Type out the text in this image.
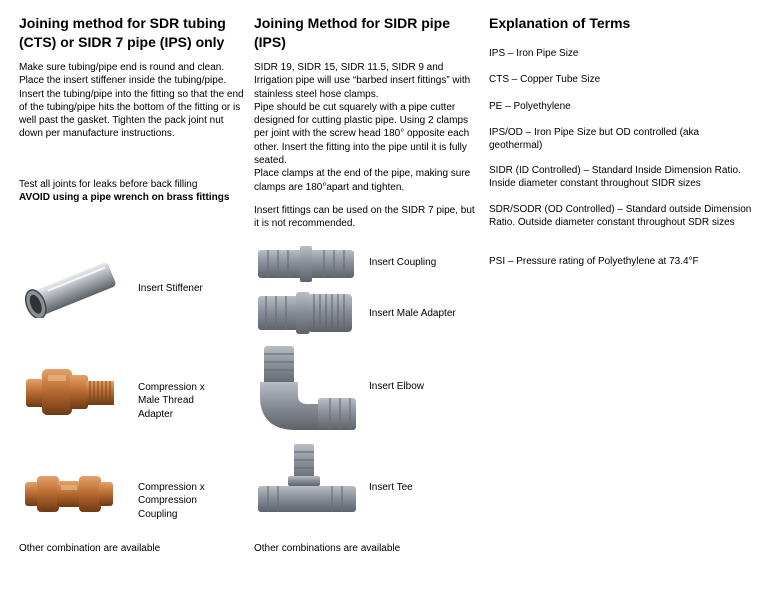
Joining method for SDR tubing (CTS) or SIDR 7 pipe (IPS) only

Make sure tubing/pipe end is round and clean. Place the insert stiffener inside the tubing/pipe.
Insert the tubing/pipe into the fitting so that the end of the tubing/pipe hits the bottom of the fitting or is well past the gasket. Tighten the pack joint nut down per manufacture instructions.

Test all joints for leaks before back filling

AVOID using a pipe wrench on brass fittings

Insert Stiffener
Compression x
Male Thread
Adapter
Compression x
Compression
Coupling
Other combination are available
Joining Method for SIDR pipe (IPS)

SIDR 19, SIDR 15, SIDR 11.5, SIDR 9 and Irrigation pipe will use “barbed insert fittings” with stainless steel hose clamps.
Pipe should be cut squarely with a pipe cutter designed for cutting plastic pipe. Using 2 clamps per joint with the screw head 180° opposite each other. Insert the fitting into the pipe until it is fully seated.
Place clamps at the end of the pipe, making sure clamps are 180°apart and tighten.

Insert fittings can be used on the SIDR 7 pipe, but it is not recommended.

Insert Coupling
Insert Male Adapter
Insert Elbow
Insert Tee
Other combinations are available
Explanation of Terms

IPS – Iron Pipe Size

CTS – Copper Tube Size

PE – Polyethylene

IPS/OD – Iron Pipe Size but OD controlled (aka geothermal)

SIDR (ID Controlled) – Standard Inside Dimension Ratio. Inside diameter constant throughout SIDR sizes

SDR/SODR (OD Controlled) – Standard outside Dimension Ratio. Outside diameter constant throughout SDR sizes

PSI – Pressure rating of Polyethylene at 73.4°F
